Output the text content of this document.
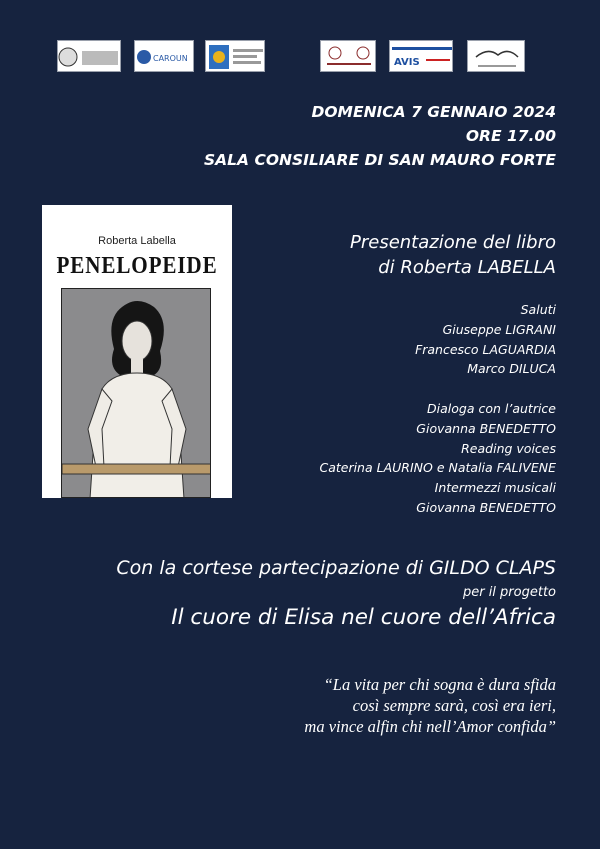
CAROUN	AVIS
DOMENICA 7 GENNAIO 2024
ORE 17.00
SALA CONSILIARE DI SAN MAURO FORTE
Roberta Labella
PENELOPEIDE
Presentazione del libro
di Roberta LABELLA
Saluti
Giuseppe LIGRANI
Francesco LAGUARDIA
Marco DILUCA
Dialoga con l’autrice
Giovanna BENEDETTO
Reading voices
Caterina LAURINO e Natalia FALIVENE
Intermezzi musicali
Giovanna BENEDETTO
Con la cortese partecipazione di GILDO CLAPS
per il progetto
Il cuore di Elisa nel cuore dell’Africa
“La vita per chi sogna è dura sfida
così sempre sarà, così era ieri,
ma vince alfin chi nell’Amor confida”
